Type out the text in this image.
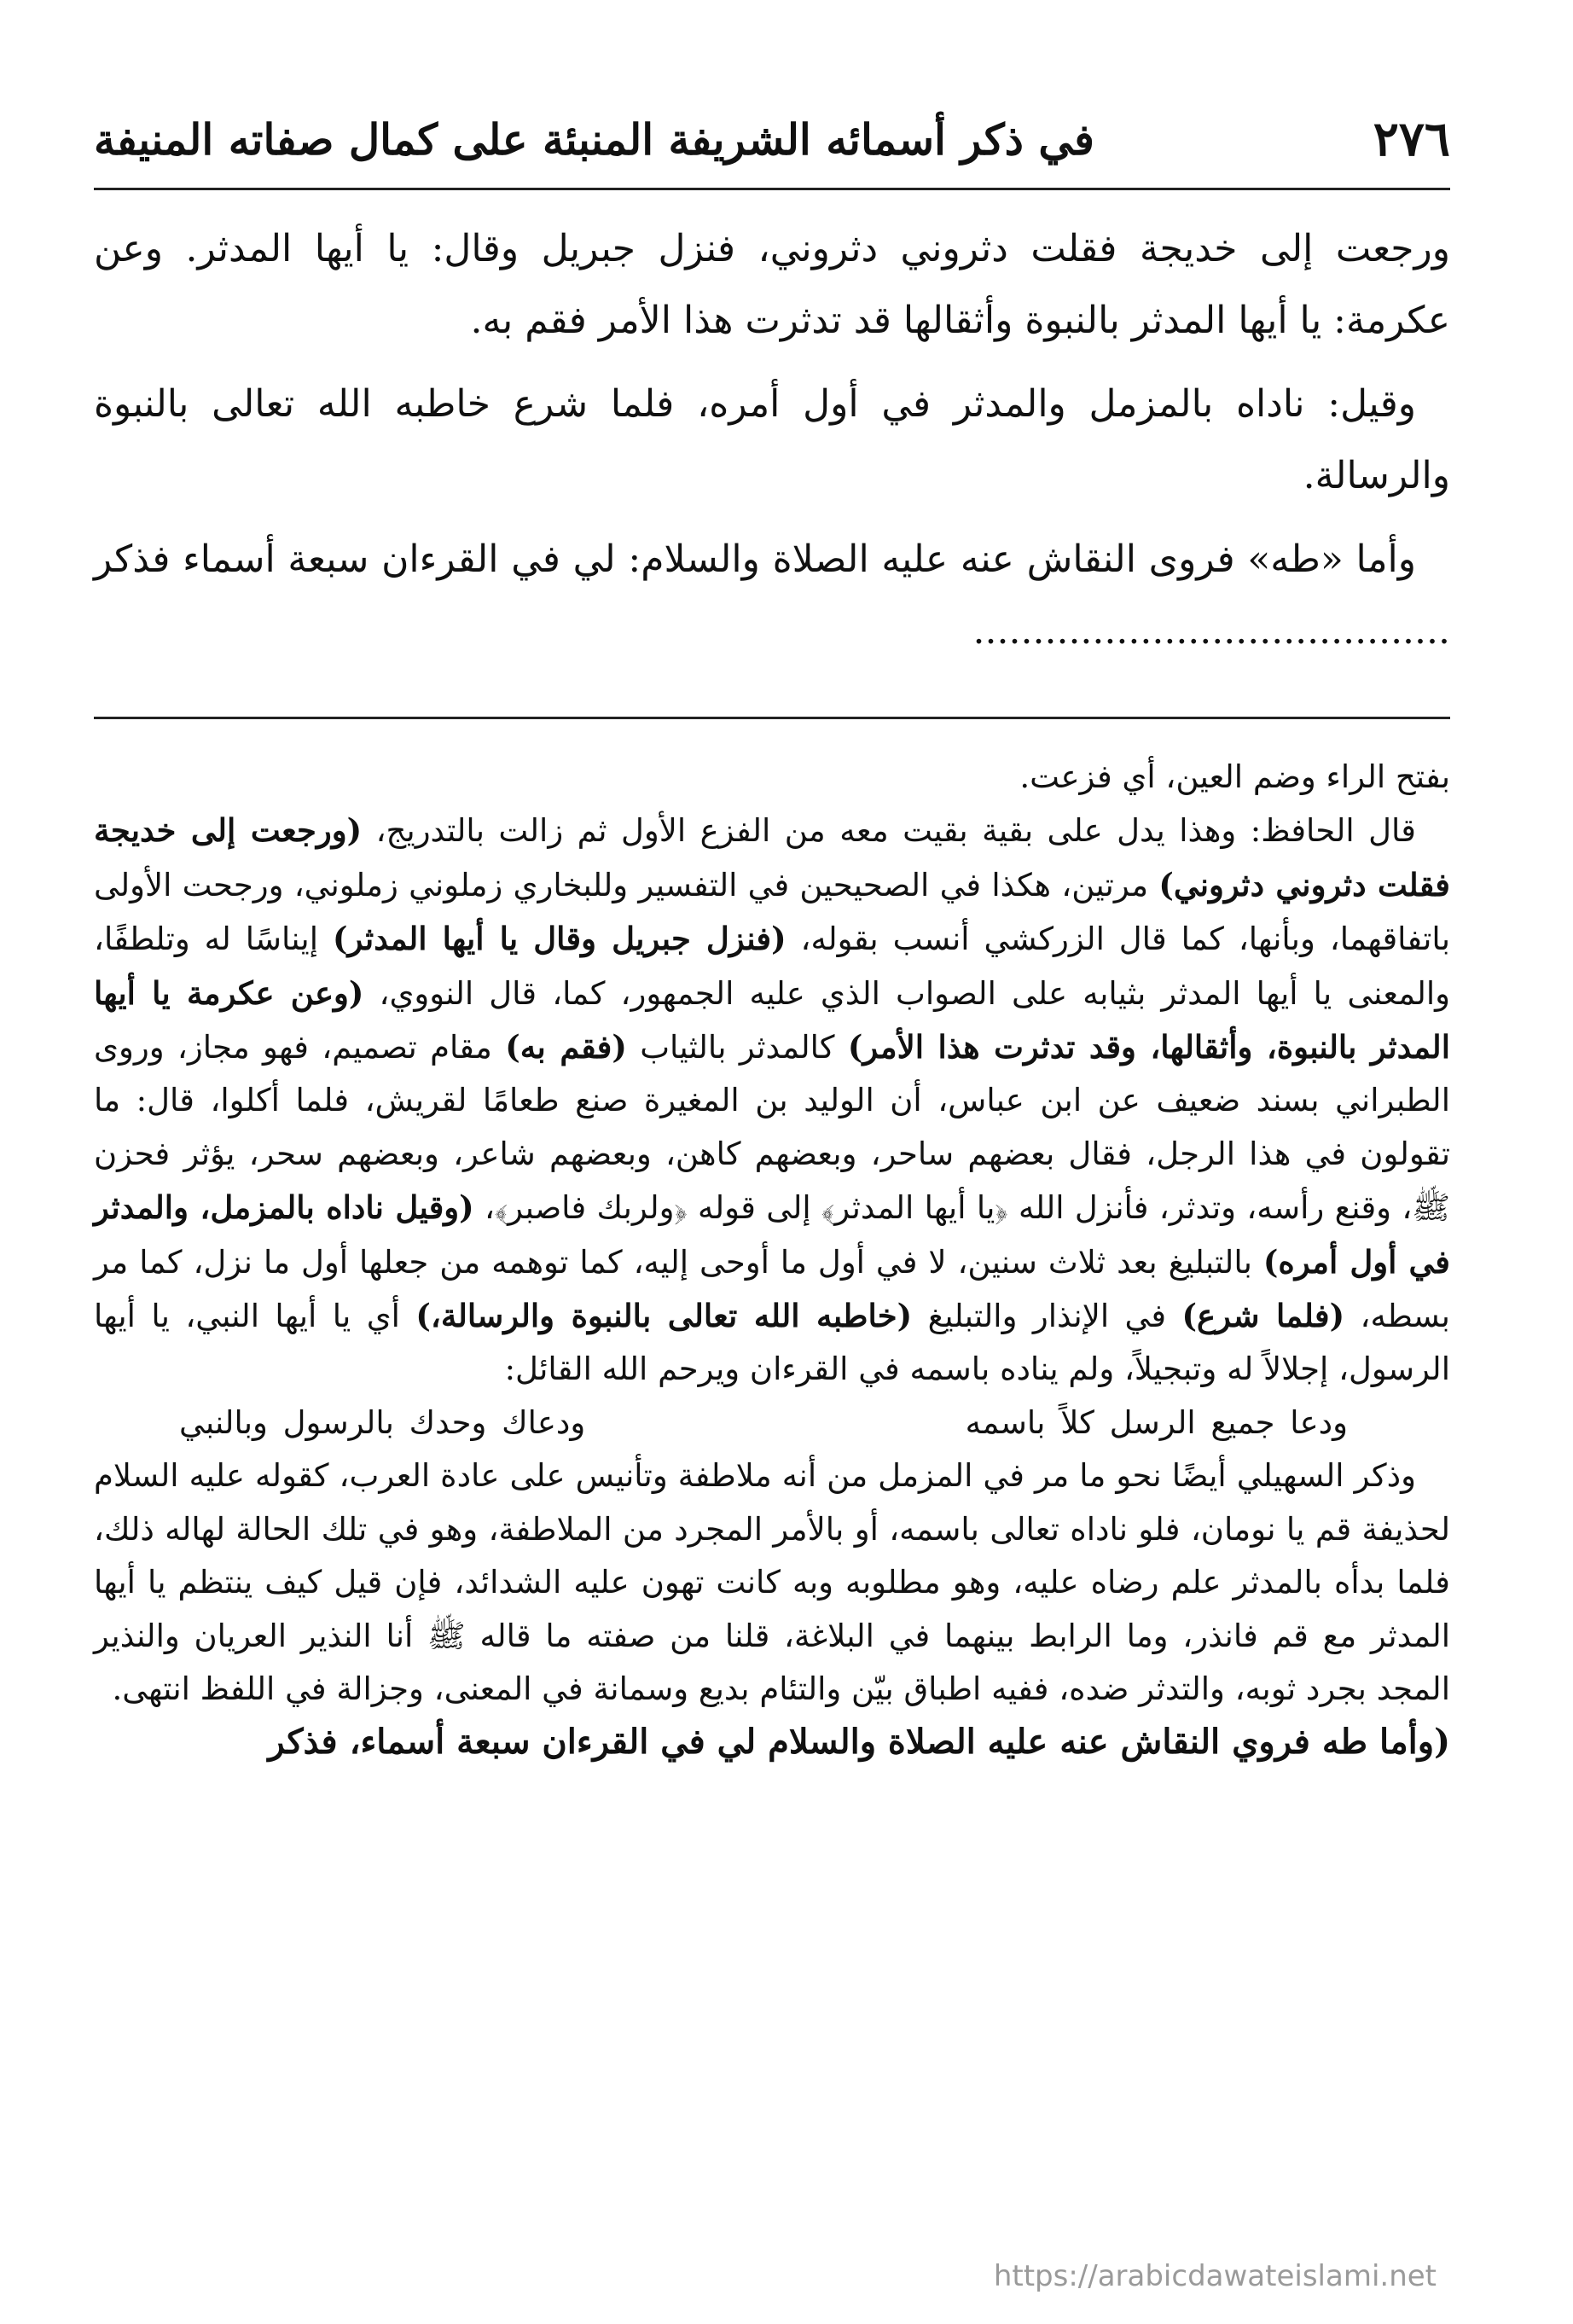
٢٧٦
في ذكر أسمائه الشريفة المنبئة على كمال صفاته المنيفة

ورجعت إلى خديجة فقلت دثروني دثروني، فنزل جبريل وقال: يا أيها المدثر. وعن عكرمة: يا أيها المدثر بالنبوة وأثقالها قد تدثرت هذا الأمر فقم به.

وقيل: ناداه بالمزمل والمدثر في أول أمره، فلما شرع خاطبه الله تعالى بالنبوة والرسالة.

وأما «طه» فروى النقاش عنه عليه الصلاة والسلام: لي في القرءان سبعة أسماء فذكر ........................................

بفتح الراء وضم العين، أي فزعت.

قال الحافظ: وهذا يدل على بقية بقيت معه من الفزع الأول ثم زالت بالتدريج، (ورجعت إلى خديجة فقلت دثروني دثروني) مرتين، هكذا في الصحيحين في التفسير وللبخاري زملوني زملوني، ورجحت الأولى باتفاقهما، وبأنها، كما قال الزركشي أنسب بقوله، (فنزل جبريل وقال يا أيها المدثر) إيناسًا له وتلطفًا، والمعنى يا أيها المدثر بثيابه على الصواب الذي عليه الجمهور، كما، قال النووي، (وعن عكرمة يا أيها المدثر بالنبوة، وأثقالها، وقد تدثرت هذا الأمر) كالمدثر بالثياب (فقم به) مقام تصميم، فهو مجاز، وروى الطبراني بسند ضعيف عن ابن عباس، أن الوليد بن المغيرة صنع طعامًا لقريش، فلما أكلوا، قال: ما تقولون في هذا الرجل، فقال بعضهم ساحر، وبعضهم كاهن، وبعضهم شاعر، وبعضهم سحر، يؤثر فحزن ﷺ، وقنع رأسه، وتدثر، فأنزل الله ﴿يا أيها المدثر﴾ إلى قوله ﴿ولربك فاصبر﴾، (وقيل ناداه بالمزمل، والمدثر في أول أمره) بالتبليغ بعد ثلاث سنين، لا في أول ما أوحى إليه، كما توهمه من جعلها أول ما نزل، كما مر بسطه، (فلما شرع) في الإنذار والتبليغ (خاطبه الله تعالى بالنبوة والرسالة،) أي يا أيها النبي، يا أيها الرسول، إجلالاً له وتبجيلاً، ولم يناده باسمه في القرءان ويرحم الله القائل:

ودعا جميع الرسل كلاً باسمه
ودعاك وحدك بالرسول وبالنبي

وذكر السهيلي أيضًا نحو ما مر في المزمل من أنه ملاطفة وتأنيس على عادة العرب، كقوله عليه السلام لحذيفة قم يا نومان، فلو ناداه تعالى باسمه، أو بالأمر المجرد من الملاطفة، وهو في تلك الحالة لهاله ذلك، فلما بدأه بالمدثر علم رضاه عليه، وهو مطلوبه وبه كانت تهون عليه الشدائد، فإن قيل كيف ينتظم يا أيها المدثر مع قم فانذر، وما الرابط بينهما في البلاغة، قلنا من صفته ما قاله ﷺ أنا النذير العريان والنذير المجد بجرد ثوبه، والتدثر ضده، ففيه اطباق بيّن والتئام بديع وسمانة في المعنى، وجزالة في اللفظ انتهى.

(وأما طه فروي النقاش عنه عليه الصلاة والسلام لي في القرءان سبعة أسماء، فذكر

https://arabicdawateislami.net
